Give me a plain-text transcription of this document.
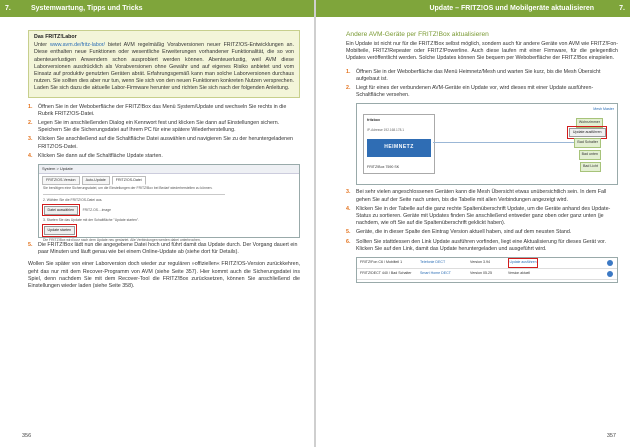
7.	Systemwartung, Tipps und Tricks
Das FRITZ!Labor
Unter www.avm.de/fritz-labor/ bietet AVM regelmäßig Vorabversionen neuer FRITZ!OS-Entwicklungen an. Diese enthalten neue Funktionen oder wesentliche Erweiterungen vorhandener Funktionalität, die so von abenteuerlustigen Anwendern schon ausprobiert werden können. Abenteuerlustig, weil AVM diese Laborversionen ausdrücklich als Vorabversionen ohne Gewähr und auf eigenes Risiko anbietet und vom Einsatz auf produktiv genutzten Geräten abrät. Erfahrungsgemäß kann man solche Laborversionen durchaus nutzen. Sie sollten dies aber nur tun, wenn Sie sich von den neuen Funktionen konkreten Nutzen versprechen. Laden Sie sich dazu die aktuelle Labor-Firmware herunter und richten Sie sich nach der folgenden Anleitung.
1. Öffnen Sie in der Weboberfläche der FRITZ!Box das Menü System/Update und wechseln Sie rechts in die Rubrik FRITZ!OS-Datei.
2. Legen Sie im anschließenden Dialog ein Kennwort fest und klicken Sie dann auf Einstellungen sichern. Speichern Sie die Sicherungsdatei auf Ihrem PC für eine spätere Wiederherstellung.
3. Klicken Sie anschließend auf die Schaltfläche Datei auswählen und navigieren Sie zu der heruntergeladenen FRITZ!OS-Datei.
4. Klicken Sie dann auf die Schaltfläche Update starten.
System > Update
FRITZ!OS-Version	Auto-Update	FRITZ!OS-Datei
Sie benötigen eine Sicherungsdatei, um die Einstellungen der FRITZ!Box bei Bedarf wiederherstellen zu können.
2. Wählen Sie die FRITZ!OS-Datei aus.
Datei auswählen	FRITZ.OS....image
3. Starten Sie das Update mit der Schaltfläche "Update starten".
Update starten
Die FRITZ!Box wird kurz nach dem Update neu gestartet. Alle Verbindungen werden dabei unterbrochen.
5. Die FRITZ!Box lädt nun die angegebene Datei hoch und führt damit das Update durch. Der Vorgang dauert ein paar Minuten und läuft genau wie bei einem Online-Update ab (siehe dort für Details).
Wollen Sie später von einer Laborversion doch wieder zur regulären »offiziellen« FRITZ!OS-Version zurückkehren, geht das nur mit dem Recover-Programm von AVM (siehe Seite 357). Hier kommt auch die Sicherungsdatei ins Spiel, denn nachdem Sie mit dem Recover-Tool die FRITZ!Box zurücksetzen, können Sie anschließend die Einstellungen wieder laden (siehe Seite 358).
356
Update – FRITZ!OS und Mobilgeräte aktualisieren	7.
Andere AVM-Geräte per FRITZ!Box aktualisieren
Ein Update ist nicht nur für die FRITZ!Box selbst möglich, sondern auch für andere Geräte von AVM wie FRITZ!Fon-Mobilteile, FRITZ!Repeater oder FRITZ!Powerline. Auch diese laufen mit einer Firmware, für die gelegentlich Updates veröffentlicht werden. Solche Updates können Sie bequem per Weboberfläche der FRITZ!Box einspielen.
1. Öffnen Sie in der Weboberfläche das Menü Heimnetz/Mesh und warten Sie kurz, bis die Mesh Übersicht aufgebaut ist.
2. Liegt für eines der verbundenen AVM-Geräte ein Update vor, wird dieses mit einer Update ausführen-Schaltfläche versehen.
Mesh Master
fritzbox
IP-Adresse 192.168.178.1
HEIMNETZ
FRITZ!Box 7590 SK
Wohnzimmer
Update ausführen
Bad Schalter
Bad unten
Bad Licht
3. Bei sehr vielen angeschlossenen Geräten kann die Mesh Übersicht etwas unübersichtlich sein. In dem Fall gehen Sie auf der Seite nach unten, bis die Tabelle mit allen Verbindungen angezeigt wird.
4. Klicken Sie in der Tabelle auf die ganz rechte Spaltenüberschrift Update, um die Geräte anhand des Update-Status zu sortieren. Geräte mit Updates finden Sie anschließend entweder ganz oben oder ganz unten (je nachdem, wie oft Sie auf die Spaltenüberschrift geklickt haben).
5. Geräte, die in dieser Spalte den Eintrag Version aktuell haben, sind auf dem neusten Stand.
6. Sollten Sie stattdessen den Link Update ausführen vorfinden, liegt eine Aktualisierung für dieses Gerät vor. Klicken Sie auf den Link, damit das Update heruntergeladen und ausgeführt wird.
FRITZ!Fon C6 / Mobilteil 1	Telefonie DECT	Version 3.94	Update ausführen
FRITZ!DECT 440 / Bad Schalter	Smart Home DECT	Version 05.25	Version aktuell
357
